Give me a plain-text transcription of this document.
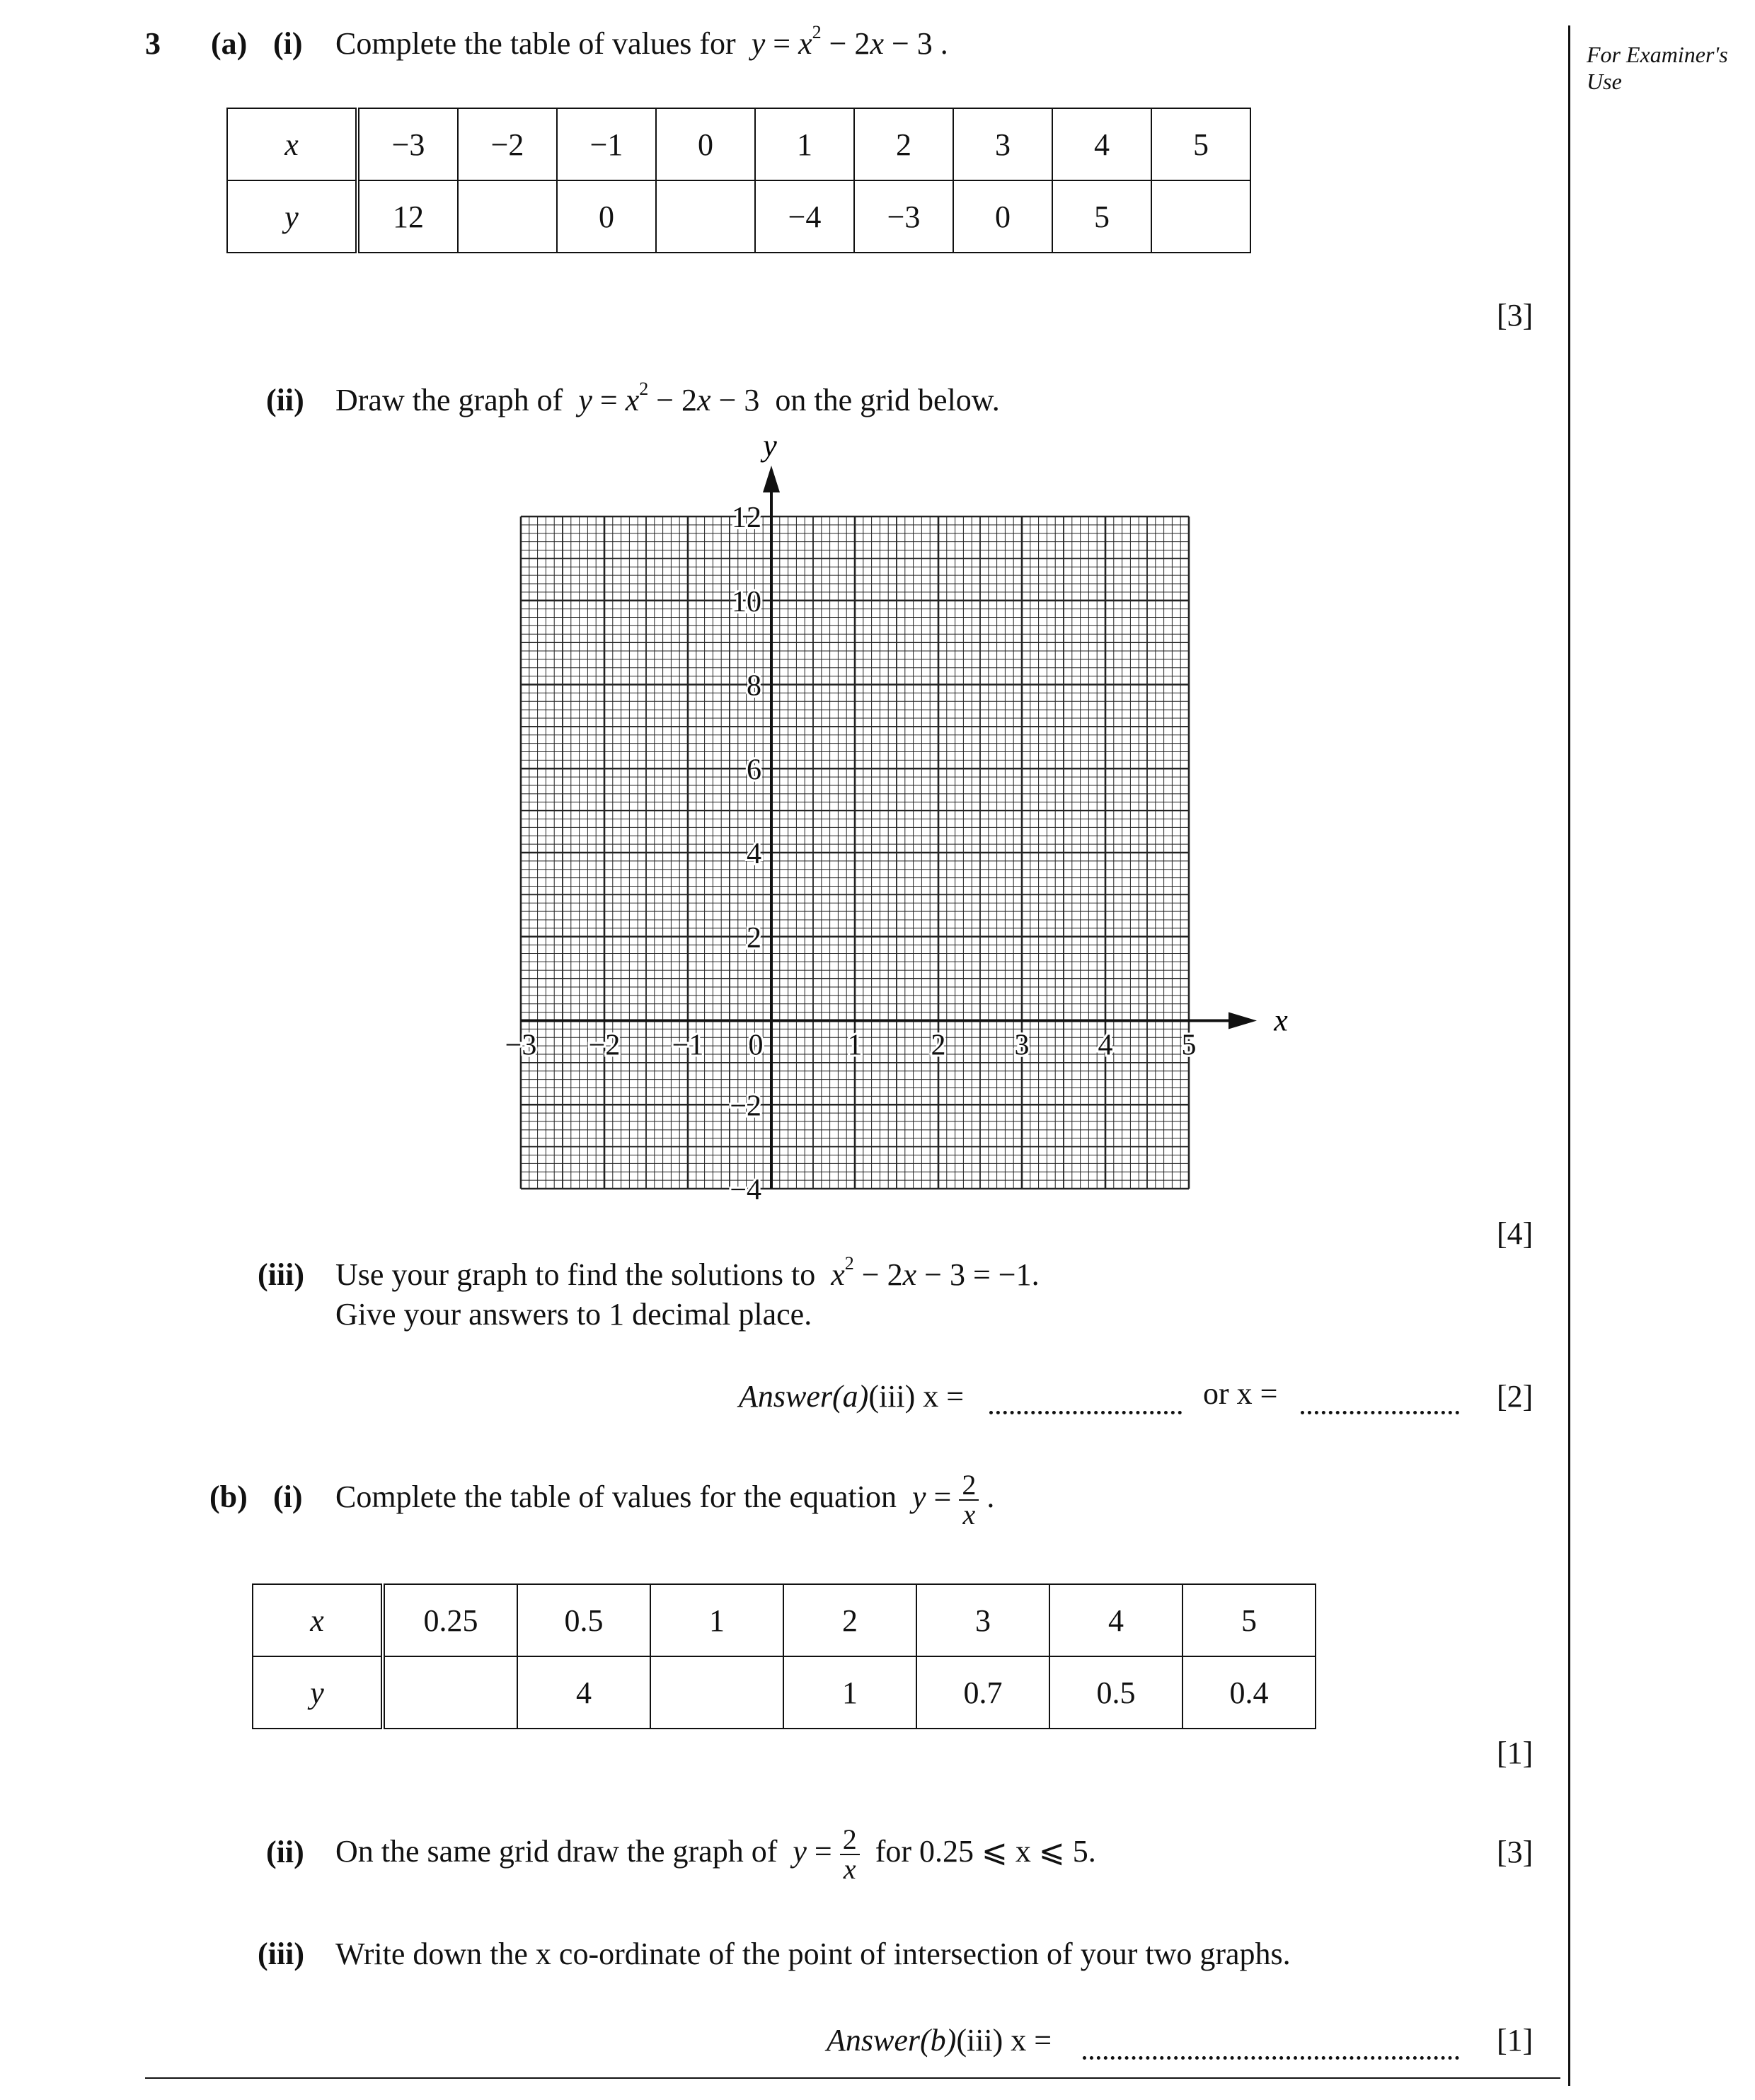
3	For Examiner's Use
(a) (i) Complete the table of values for $y = x^2 - 2x - 3$ .
x	−3	−2	−1	0	1	2	3	4	5
y	12		0		−4	−3	0	5	
[3]
(ii) Draw the graph of $y = x^2 - 2x - 3$  on the grid below.
x
y
−3 −2 −1 0	1 2 3 4 5
12
10
8
6
4
2
−2
−4
[4]
(iii) Use your graph to find the solutions to $x^2 - 2x - 3 = -1$.
Give your answers to 1 decimal place.
Answer(a)(iii) x =	or x =	[2]
(b) (i) Complete the table of values for the equation $y = \frac{2}{x}$ .
x	0.25	0.5	1	2	3	4	5
y		4		1	0.7	0.5	0.4
[1]
(ii) On the same grid draw the graph of $y = \frac{2}{x}$ for 0.25 ⩽ x ⩽ 5.	[3]
(iii) Write down the x co-ordinate of the point of intersection of your two graphs.
Answer(b)(iii) x =	[1]
